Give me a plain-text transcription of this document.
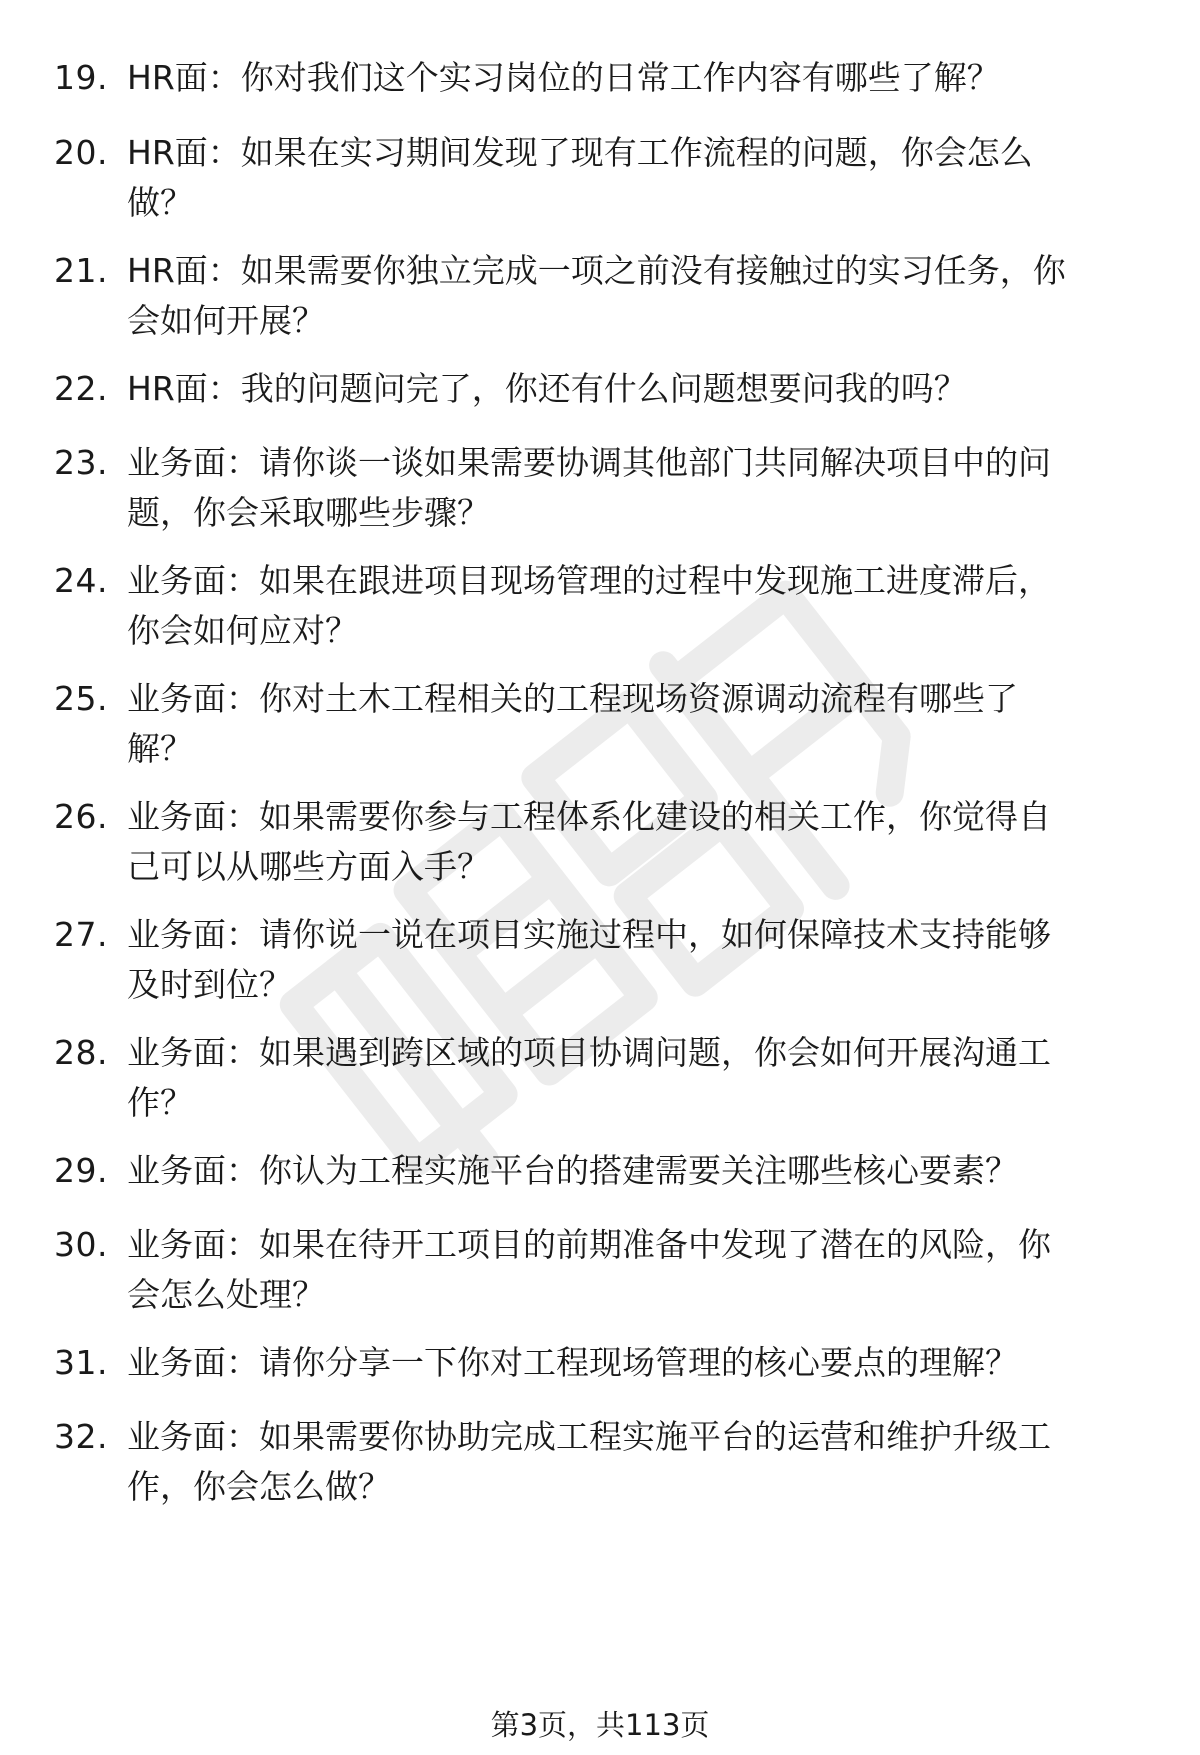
19. HR面：你对我们这个实习岗位的日常工作内容有哪些了解？
20. HR面：如果在实习期间发现了现有工作流程的问题，你会怎么
做？
21. HR面：如果需要你独立完成一项之前没有接触过的实习任务，你
会如何开展？
22. HR面：我的问题问完了，你还有什么问题想要问我的吗？
23. 业务面：请你谈一谈如果需要协调其他部门共同解决项目中的问
题，你会采取哪些步骤？
24. 业务面：如果在跟进项目现场管理的过程中发现施工进度滞后，
你会如何应对？
25. 业务面：你对土木工程相关的工程现场资源调动流程有哪些了
解？
26. 业务面：如果需要你参与工程体系化建设的相关工作，你觉得自
己可以从哪些方面入手？
27. 业务面：请你说一说在项目实施过程中，如何保障技术支持能够
及时到位？
28. 业务面：如果遇到跨区域的项目协调问题，你会如何开展沟通工
作？
29. 业务面：你认为工程实施平台的搭建需要关注哪些核心要素？
30. 业务面：如果在待开工项目的前期准备中发现了潜在的风险，你
会怎么处理？
31. 业务面：请你分享一下你对工程现场管理的核心要点的理解？
32. 业务面：如果需要你协助完成工程实施平台的运营和维护升级工
作，你会怎么做？
第3页，共113页
